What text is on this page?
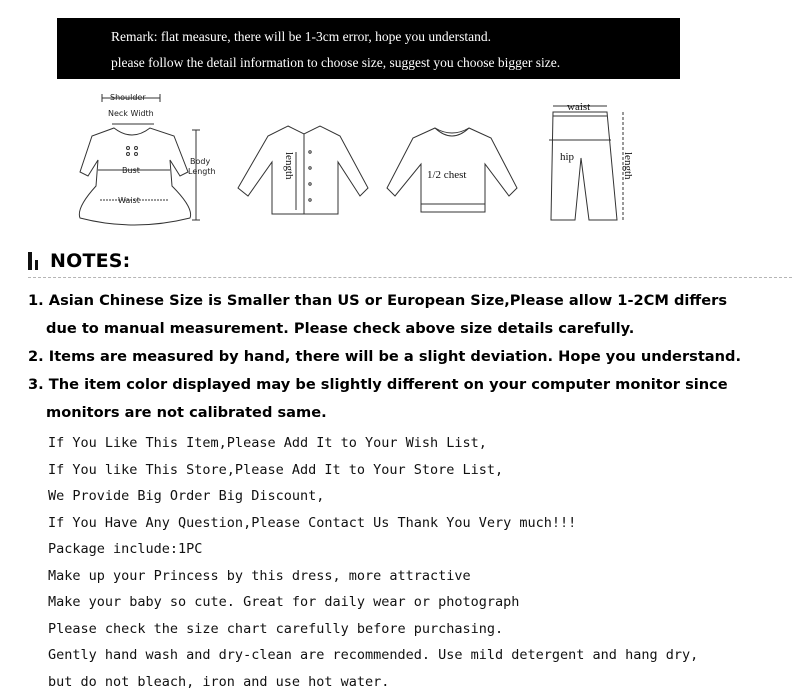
Remark: flat measure, there will be 1-3cm error, hope you understand.
please follow the detail information to choose size, suggest you choose bigger size.
Shoulder
Neck Width
Body
Length
Bust
Waist
length	1/2 chest
waist
hip	length
NOTES:
1. Asian Chinese Size is Smaller than US or European Size,Please allow 1-2CM differs
due to manual measurement. Please check above size details carefully.
2. Items are measured by hand, there will be a slight deviation. Hope you understand.
3. The item color displayed may be slightly different on your computer monitor since
monitors are not calibrated same.
If You Like This Item,Please Add It to Your Wish List,
If You like This Store,Please Add It to Your Store List,
We Provide Big Order Big Discount,
If You Have Any Question,Please Contact Us Thank You Very much!!!
Package include:1PC
Make up your Princess by this dress, more attractive
Make your baby so cute. Great for daily wear or photograph
Please check the size chart carefully before purchasing.
Gently hand wash and dry-clean are recommended. Use mild detergent and hang dry,
but do not bleach, iron and use hot water.
